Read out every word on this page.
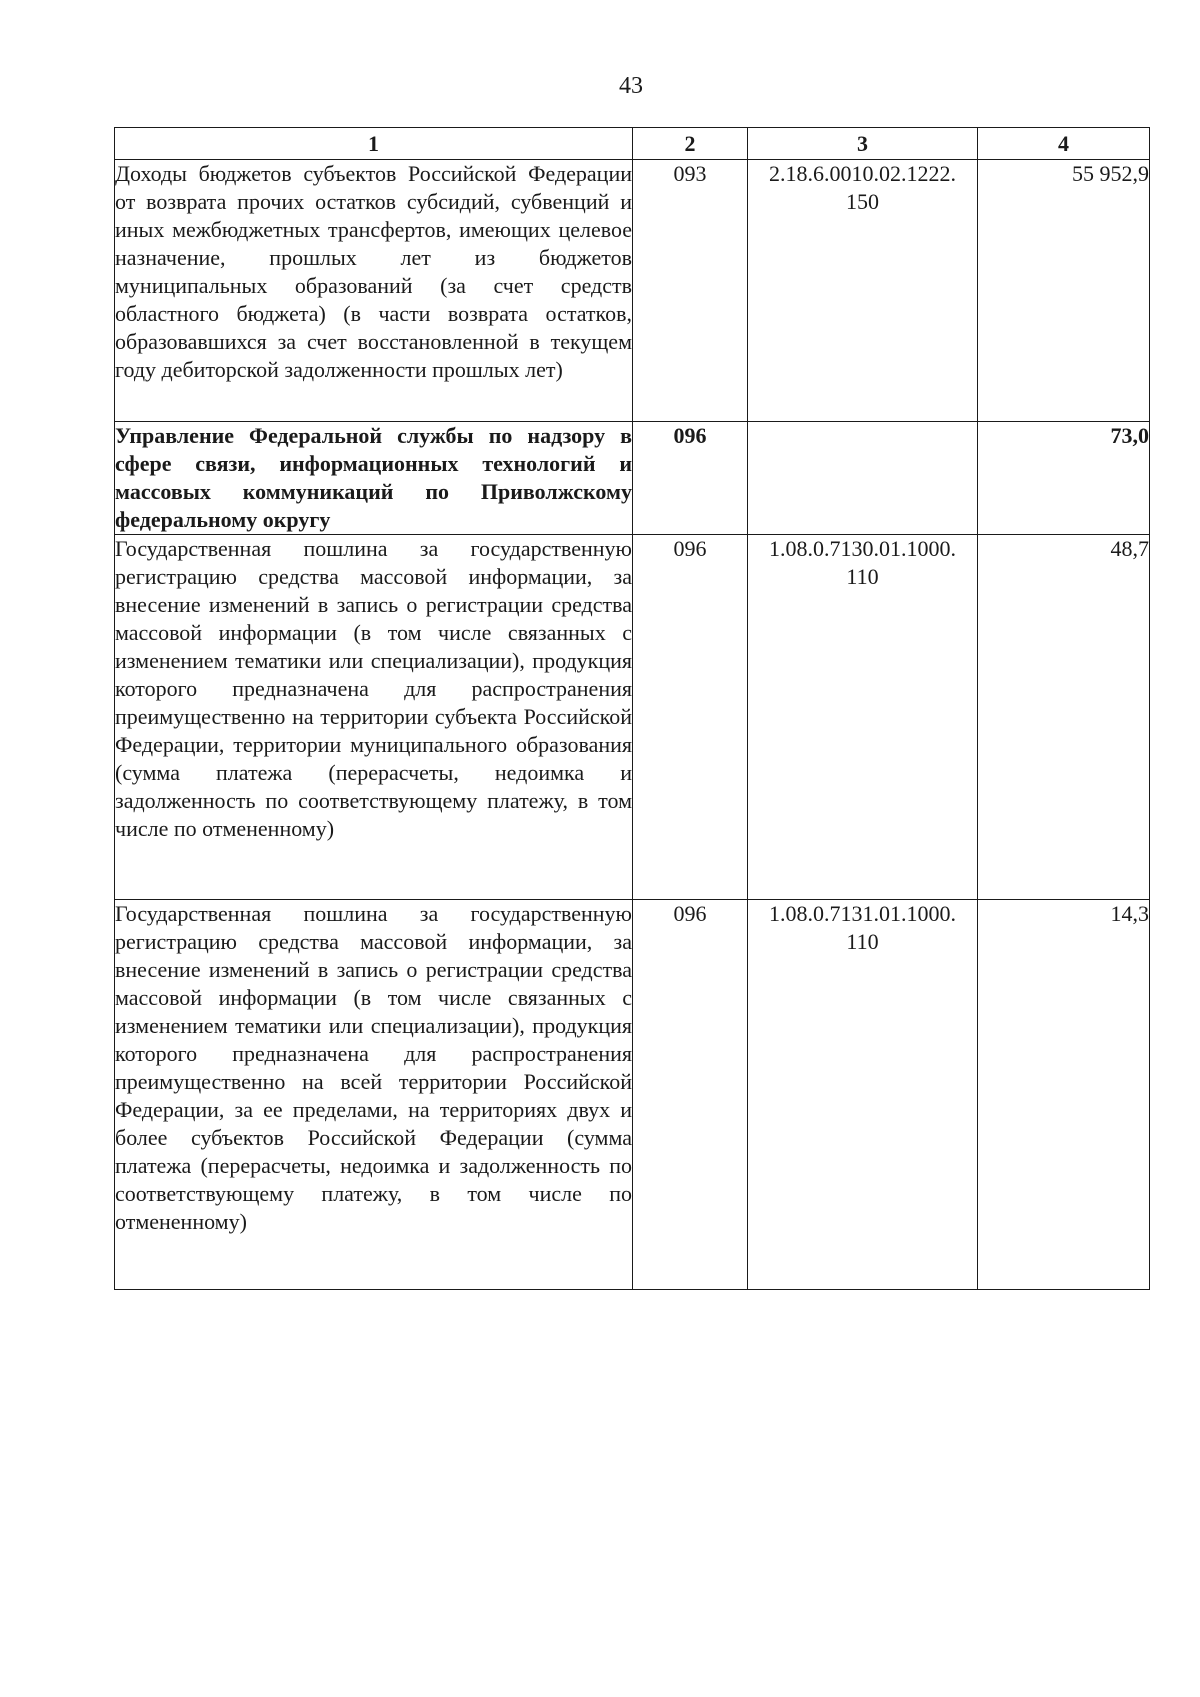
43
1	2	3	4
Доходы бюджетов субъектов Российской Федерации от возврата прочих остатков субсидий, субвенций и иных межбюджетных трансфертов, имеющих целевое назначение, прошлых лет из бюджетов муниципальных образований (за счет средств областного бюджета) (в части возврата остатков, образовавшихся за счет восстановленной в текущем году дебиторской задолженности прошлых лет)	093	2.18.6.0010.02.1222.
150	55 952,9
Управление Федеральной службы по надзору в сфере связи, информационных технологий и массовых коммуникаций по Приволжскому федеральному округу	096		73,0
Государственная пошлина за государственную регистрацию средства массовой информации, за внесение изменений в запись о регистрации средства массовой информации (в том числе связанных с изменением тематики или специализации), продукция которого предназначена для распространения преимущественно на территории субъекта Российской Федерации, территории муниципального образования (сумма платежа (перерасчеты, недоимка и задолженность по соответствующему платежу, в том числе по отмененному)	096	1.08.0.7130.01.1000.
110	48,7
Государственная пошлина за государственную регистрацию средства массовой информации, за внесение изменений в запись о регистрации средства массовой информации (в том числе связанных с изменением тематики или специализации), продукция которого предназначена для распространения преимущественно на всей территории Российской Федерации, за ее пределами, на территориях двух и более субъектов Российской Федерации (сумма платежа (перерасчеты, недоимка и задолженность по соответствующему платежу, в том числе по отмененному)	096	1.08.0.7131.01.1000.
110	14,3
